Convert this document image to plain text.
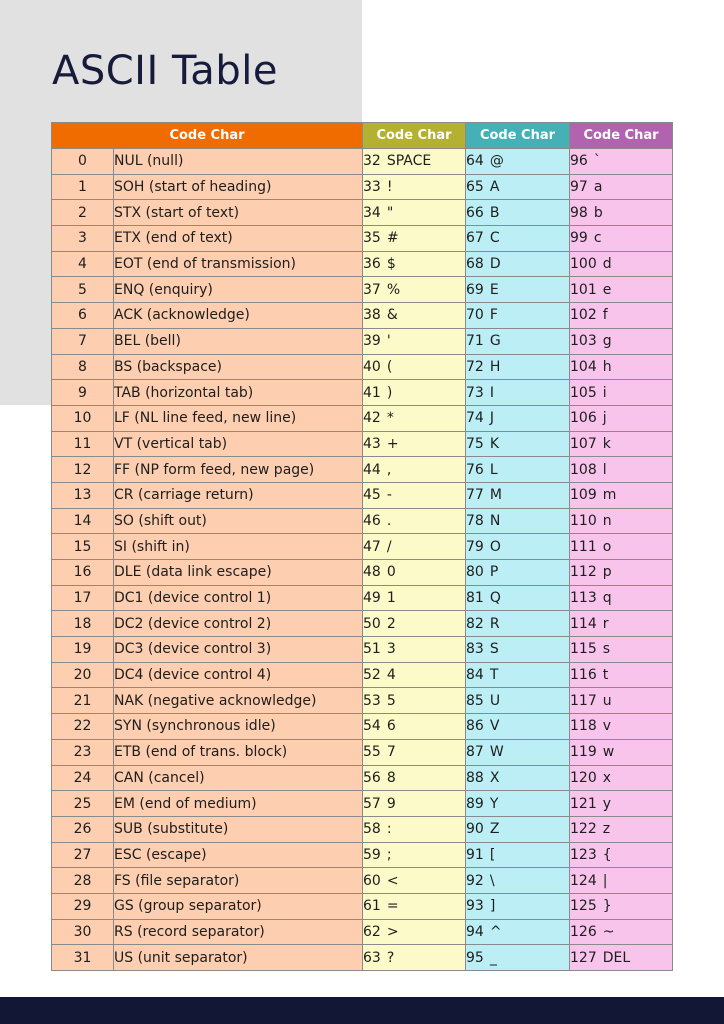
ASCII Table
Code Char		Code Char	Code Char	Code Char
0	NUL (null)	32 SPACE	64 @	96 `
1	SOH (start of heading)	33 !	65 A	97 a
2	STX (start of text)	34 "	66 B	98 b
3	ETX (end of text)	35 #	67 C	99 c
4	EOT (end of transmission)	36 $	68 D	100 d
5	ENQ (enquiry)	37 %	69 E	101 e
6	ACK (acknowledge)	38 &	70 F	102 f
7	BEL (bell)	39 '	71 G	103 g
8	BS (backspace)	40 (	72 H	104 h
9	TAB (horizontal tab)	41 )	73 I	105 i
10	LF (NL line feed, new line)	42 *	74 J	106 j
11	VT (vertical tab)	43 +	75 K	107 k
12	FF (NP form feed, new page)	44 ,	76 L	108 l
13	CR (carriage return)	45 -	77 M	109 m
14	SO (shift out)	46 .	78 N	110 n
15	SI (shift in)	47 /	79 O	111 o
16	DLE (data link escape)	48 0	80 P	112 p
17	DC1 (device control 1)	49 1	81 Q	113 q
18	DC2 (device control 2)	50 2	82 R	114 r
19	DC3 (device control 3)	51 3	83 S	115 s
20	DC4 (device control 4)	52 4	84 T	116 t
21	NAK (negative acknowledge)	53 5	85 U	117 u
22	SYN (synchronous idle)	54 6	86 V	118 v
23	ETB (end of trans. block)	55 7	87 W	119 w
24	CAN (cancel)	56 8	88 X	120 x
25	EM (end of medium)	57 9	89 Y	121 y
26	SUB (substitute)	58 :	90 Z	122 z
27	ESC (escape)	59 ;	91 [	123 {
28	FS (file separator)	60 <	92 \	124 |
29	GS (group separator)	61 =	93 ]	125 }
30	RS (record separator)	62 >	94 ^	126 ~
31	US (unit separator)	63 ?	95 _	127 DEL
